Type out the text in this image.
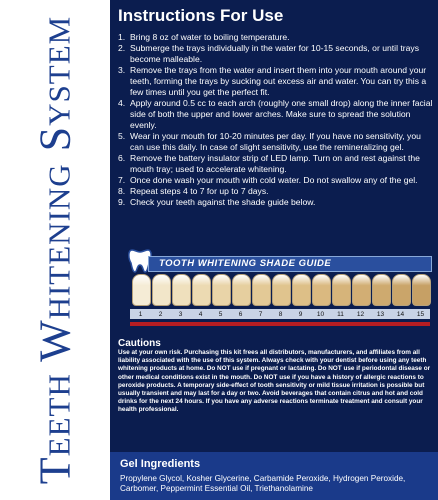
Teeth Whitening System
Instructions For Use
1. Bring 8 oz of water to boiling temperature.
2. Submerge the trays individually in the water for 10-15 seconds, or until trays become malleable.
3. Remove the trays from the water and insert them into your mouth around your teeth, forming the trays by sucking out excess air and water. You can try this a few times until you get the perfect fit.
4. Apply around 0.5 cc to each arch (roughly one small drop) along the inner facial side of both the upper and lower arches. Make sure to spread the solution evenly.
5. Wear in your mouth for 10-20 minutes per day. If you have no sensitivity, you can use this daily. In case of slight sensitivity, use the remineralizing gel.
6. Remove the battery insulator strip of LED lamp. Turn on and rest against the mouth tray; used to accelerate whitening.
7. Once done wash your mouth with cold water. Do not swallow any of the gel.
8. Repeat steps 4 to 7 for up to 7 days.
9. Check your teeth against the shade guide below.
TOOTH WHITENING SHADE GUIDE
1	2	3	4	5	6	7	8	9	10	11	12	13	14	15
Cautions

Use at your own risk. Purchasing this kit frees all distributors, manufacturers, and affiliates from all liability associated with the use of this system. Always check with your dentist before using any teeth whitening products at home. Do NOT use if pregnant or lactating. Do NOT use if periodontal disease or other medical conditions exist in the mouth. Do NOT use if you have a history of allergic reactions to peroxide products. A temporary side-effect of tooth sensitivity or mild tissue irritation is possible but usually transient and may last for a day or two. Avoid beverages that contain citrus and hot and cold drinks for the next 24 hours. If you have any adverse reactions terminate treatment and consult your health professional.

Gel Ingredients

Propylene Glycol, Kosher Glycerine, Carbamide Peroxide, Hydrogen Peroxide, Carbomer, Peppermint Essential Oil, Triethanolamine
